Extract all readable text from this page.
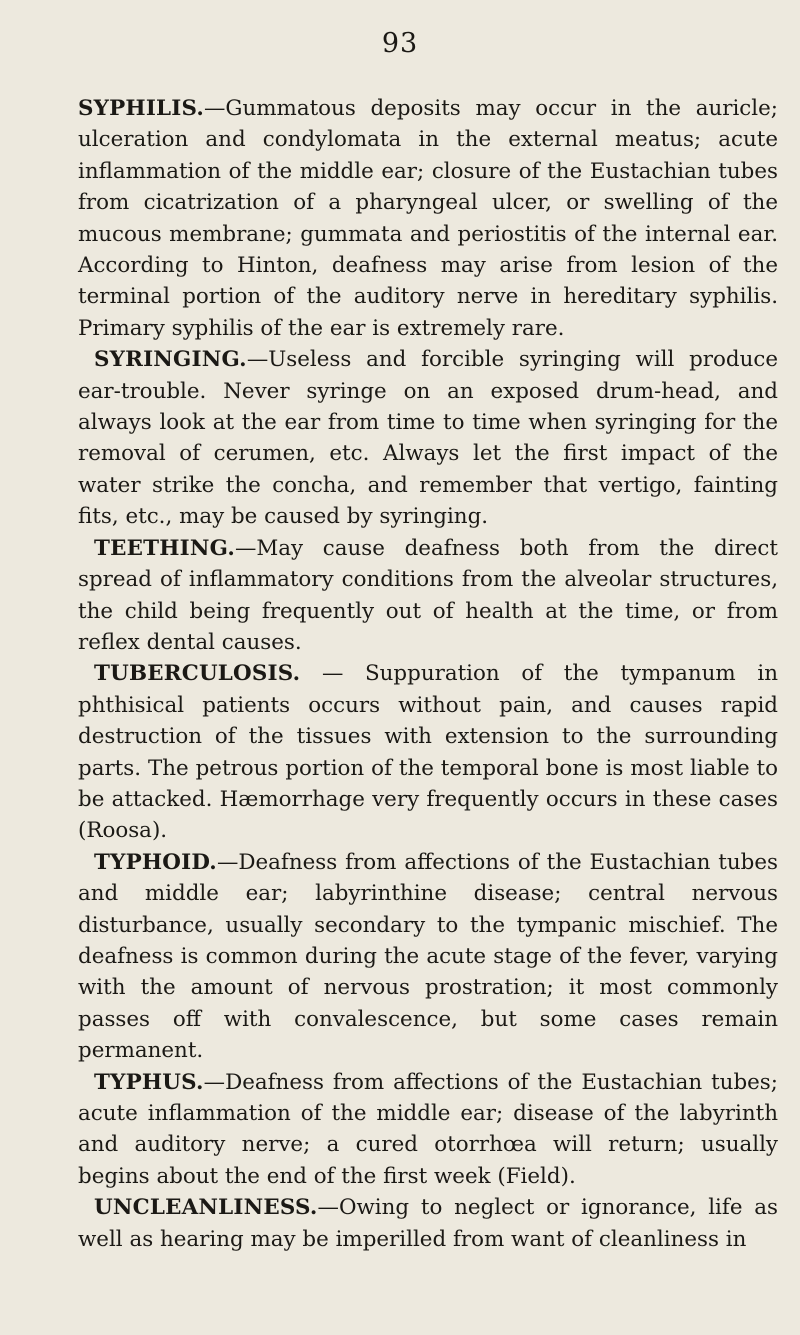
93

SYPHILIS.—Gummatous deposits may occur in the auricle; ulceration and condylomata in the external meatus; acute inflammation of the middle ear; closure of the Eustachian tubes from cicatrization of a pharyngeal ulcer, or swelling of the mucous membrane; gummata and periostitis of the internal ear. According to Hinton, deafness may arise from lesion of the terminal portion of the auditory nerve in hereditary syphilis. Primary syphilis of the ear is extremely rare.

SYRINGING.—Useless and forcible syringing will produce ear-trouble. Never syringe on an exposed drum-head, and always look at the ear from time to time when syringing for the removal of cerumen, etc. Always let the first impact of the water strike the concha, and remember that vertigo, fainting fits, etc., may be caused by syringing.

TEETHING.—May cause deafness both from the direct spread of inflammatory conditions from the alveolar structures, the child being frequently out of health at the time, or from reflex dental causes.

TUBERCULOSIS. — Suppuration of the tympanum in phthisical patients occurs without pain, and causes rapid destruction of the tissues with extension to the surrounding parts. The petrous portion of the temporal bone is most liable to be attacked. Hæmorrhage very frequently occurs in these cases (Roosa).

TYPHOID.—Deafness from affections of the Eustachian tubes and middle ear; labyrinthine disease; central nervous disturbance, usually secondary to the tympanic mischief. The deafness is common during the acute stage of the fever, varying with the amount of nervous prostration; it most commonly passes off with convalescence, but some cases remain permanent.

TYPHUS.—Deafness from affections of the Eustachian tubes; acute inflammation of the middle ear; disease of the labyrinth and auditory nerve; a cured otorrhœa will return; usually begins about the end of the first week (Field).

UNCLEANLINESS.—Owing to neglect or ignorance, life as well as hearing may be imperilled from want of cleanliness in
